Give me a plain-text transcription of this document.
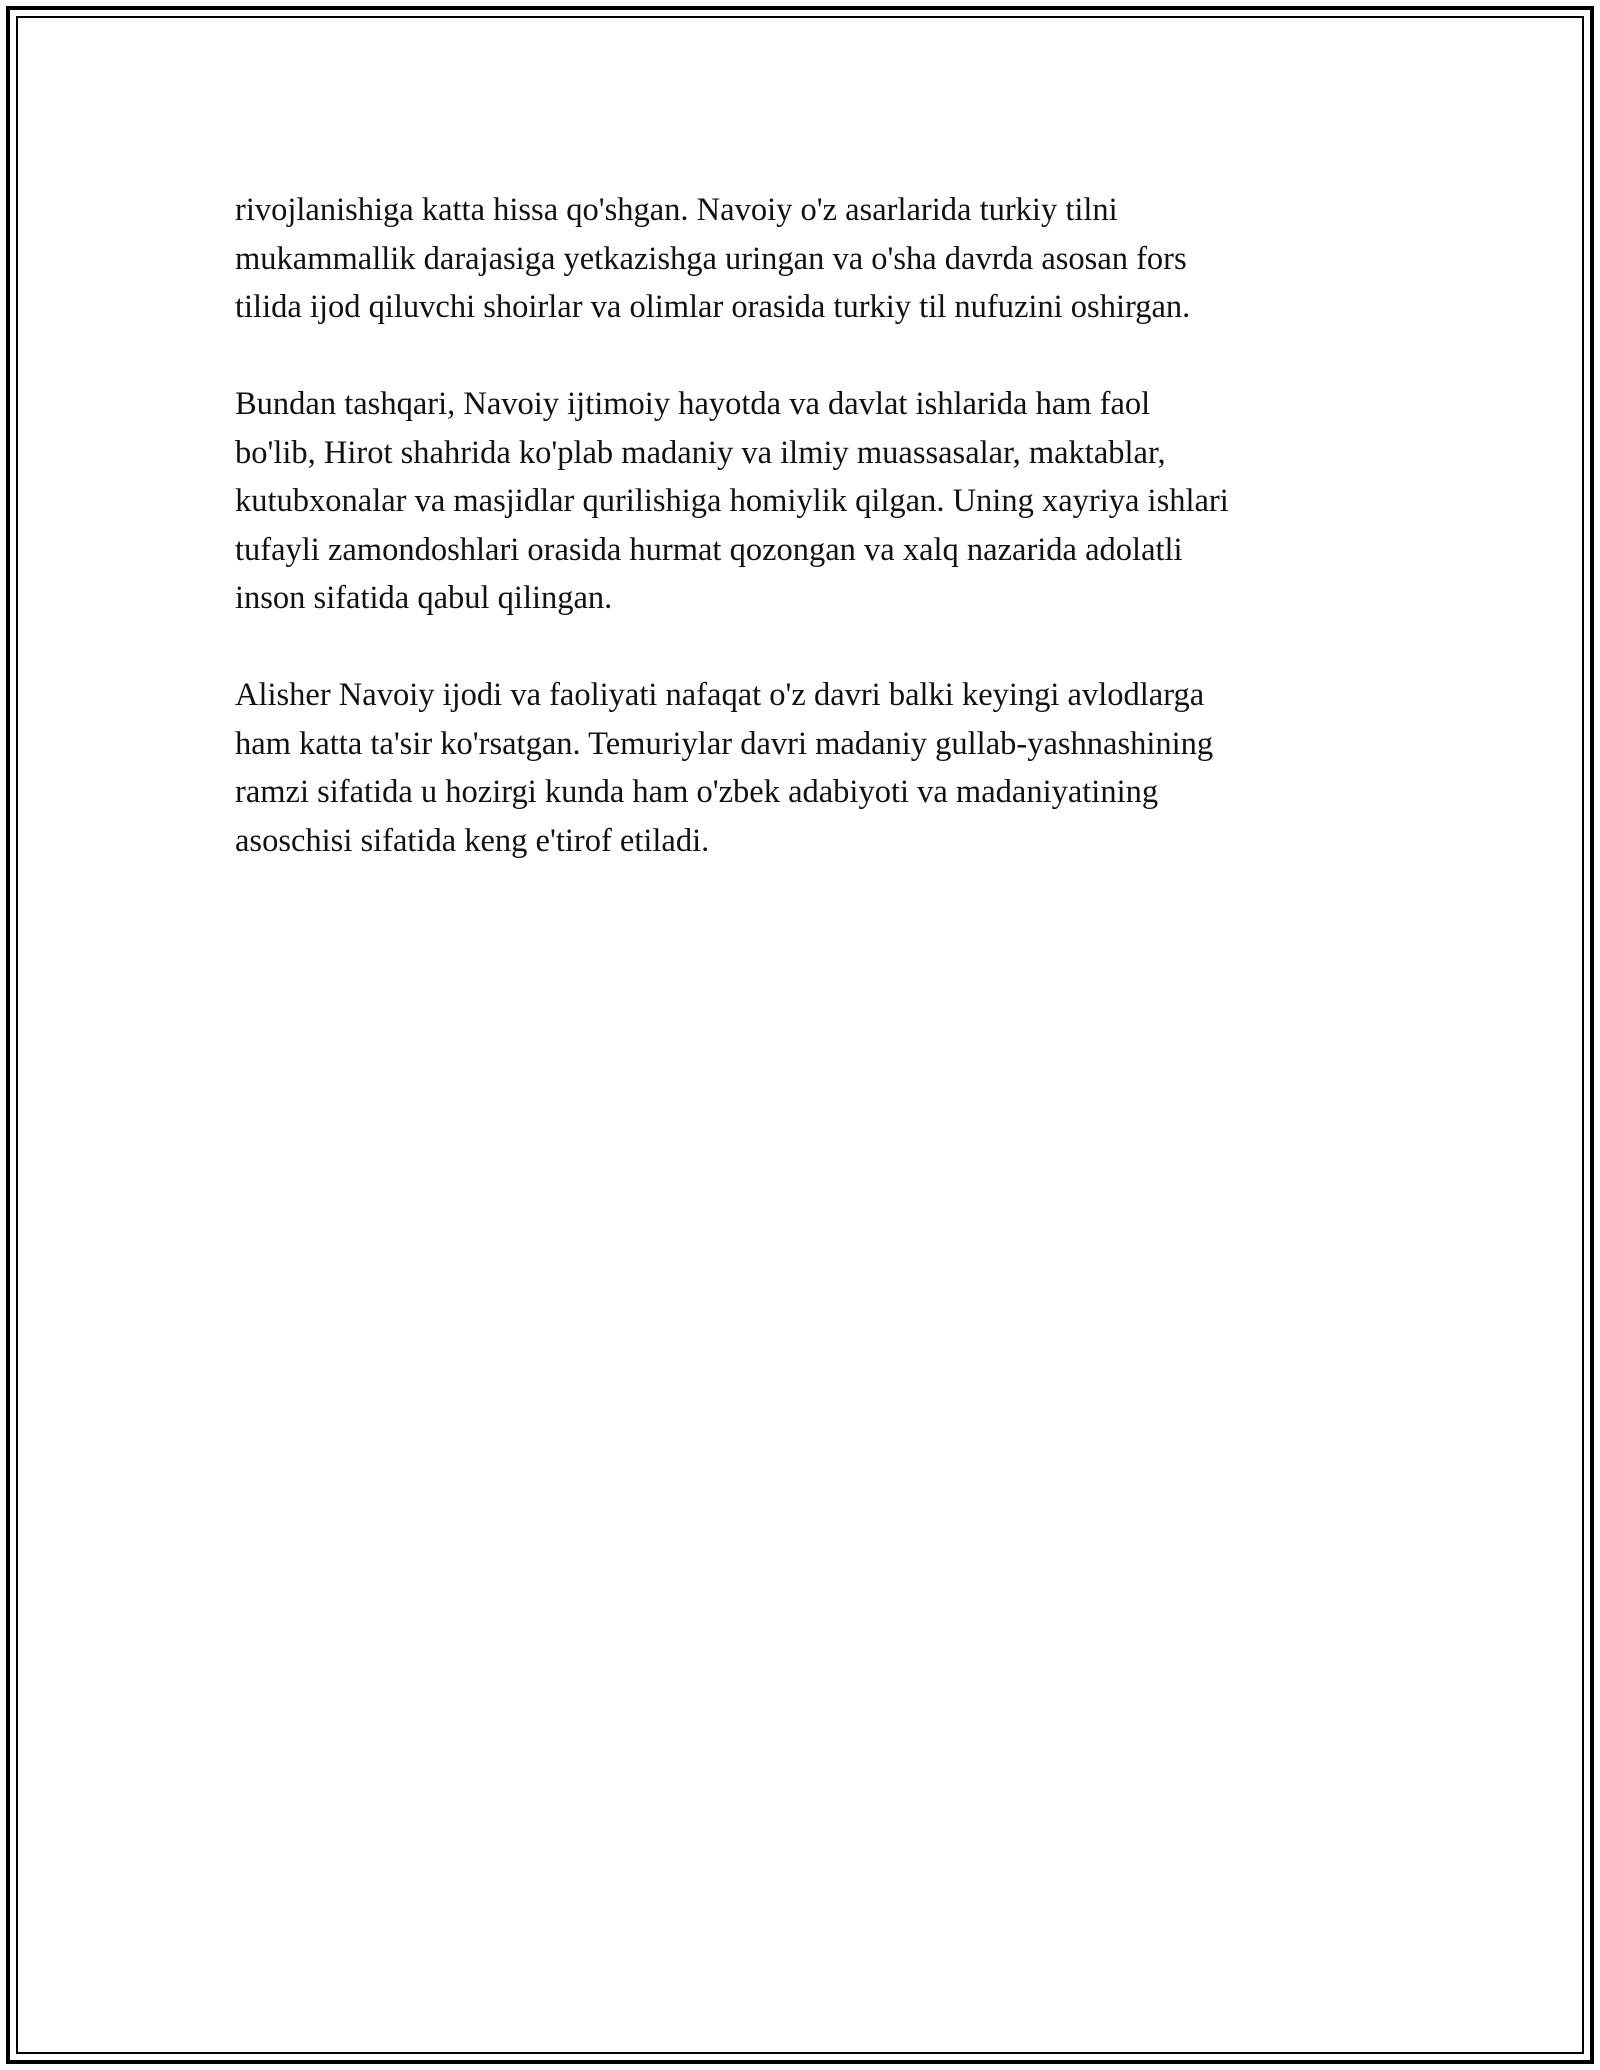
rivojlanishiga katta hissa qo'shgan. Navoiy o'z asarlarida turkiy tilni
mukammallik darajasiga yetkazishga uringan va o'sha davrda asosan fors
tilida ijod qiluvchi shoirlar va olimlar orasida turkiy til nufuzini oshirgan.

Bundan tashqari, Navoiy ijtimoiy hayotda va davlat ishlarida ham faol
bo'lib, Hirot shahrida ko'plab madaniy va ilmiy muassasalar, maktablar,
kutubxonalar va masjidlar qurilishiga homiylik qilgan. Uning xayriya ishlari
tufayli zamondoshlari orasida hurmat qozongan va xalq nazarida adolatli
inson sifatida qabul qilingan.

Alisher Navoiy ijodi va faoliyati nafaqat o'z davri balki keyingi avlodlarga
ham katta ta'sir ko'rsatgan. Temuriylar davri madaniy gullab-yashnashining
ramzi sifatida u hozirgi kunda ham o'zbek adabiyoti va madaniyatining
asoschisi sifatida keng e'tirof etiladi.
